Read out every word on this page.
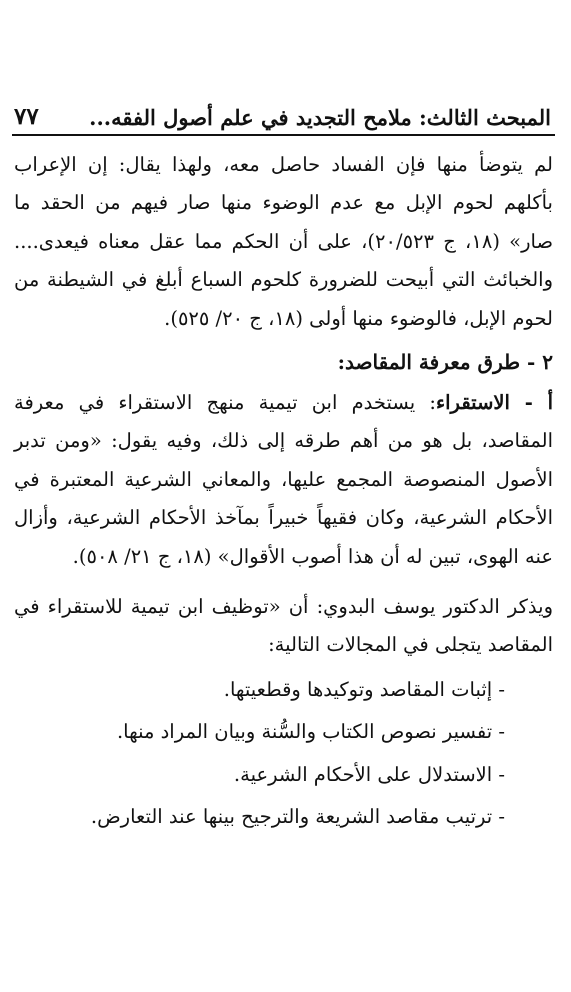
٧٧ المبحث الثالث: ملامح التجديد في علم أصول الفقه...

لم يتوضأ منها فإن الفساد حاصل معه، ولهذا يقال: إن الإعراب بأكلهم لحوم الإبل مع عدم الوضوء منها صار فيهم من الحقد ما صار» (١٨، ج ٢٠/٥٢٣)، على أن الحكم مما عقل معناه فيعدى.... والخبائث التي أبيحت للضرورة كلحوم السباع أبلغ في الشيطنة من لحوم الإبل، فالوضوء منها أولى (١٨، ج ٢٠/ ٥٢٥).

٢ - طرق معرفة المقاصد:

أ - الاستقراء: يستخدم ابن تيمية منهج الاستقراء في معرفة المقاصد، بل هو من أهم طرقه إلى ذلك، وفيه يقول: «ومن تدبر الأصول المنصوصة المجمع عليها، والمعاني الشرعية المعتبرة في الأحكام الشرعية، وكان فقيهاً خبيراً بمآخذ الأحكام الشرعية، وأزال عنه الهوى، تبين له أن هذا أصوب الأقوال» (١٨، ج ٢١/ ٥٠٨).

ويذكر الدكتور يوسف البدوي: أن «توظيف ابن تيمية للاستقراء في المقاصد يتجلى في المجالات التالية:

- إثبات المقاصد وتوكيدها وقطعيتها.
- تفسير نصوص الكتاب والسُّنة وبيان المراد منها.
- الاستدلال على الأحكام الشرعية.
- ترتيب مقاصد الشريعة والترجيح بينها عند التعارض.
